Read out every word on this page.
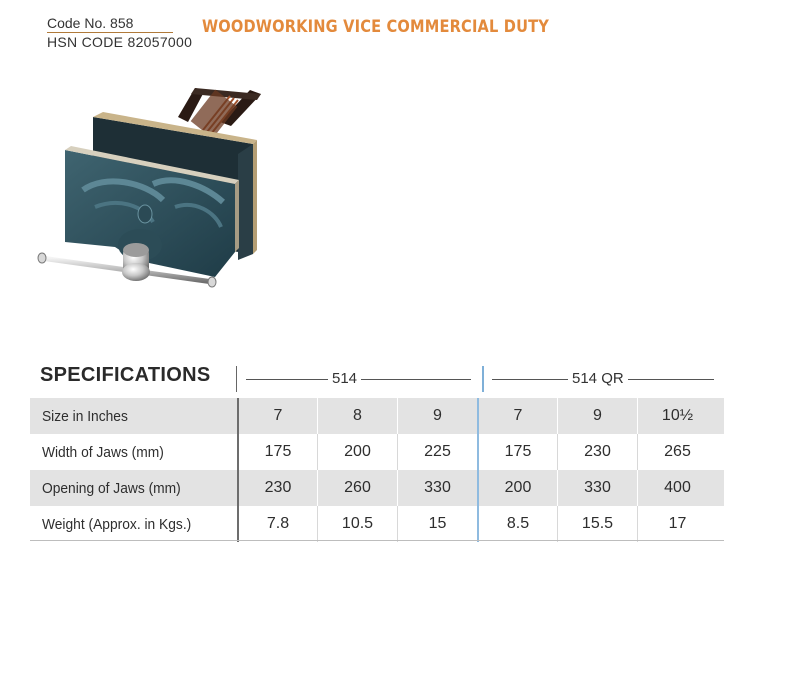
Code No. 858
HSN CODE 82057000
WOODWORKING VICE COMMERCIAL DUTY
SPECIFICATIONS	514	514 QR
Size in Inches	7	8	9	7	9	10½
Width of Jaws (mm)	175	200	225	175	230	265
Opening of Jaws (mm)	230	260	330	200	330	400
Weight (Approx. in Kgs.)	7.8	10.5	15	8.5	15.5	17
